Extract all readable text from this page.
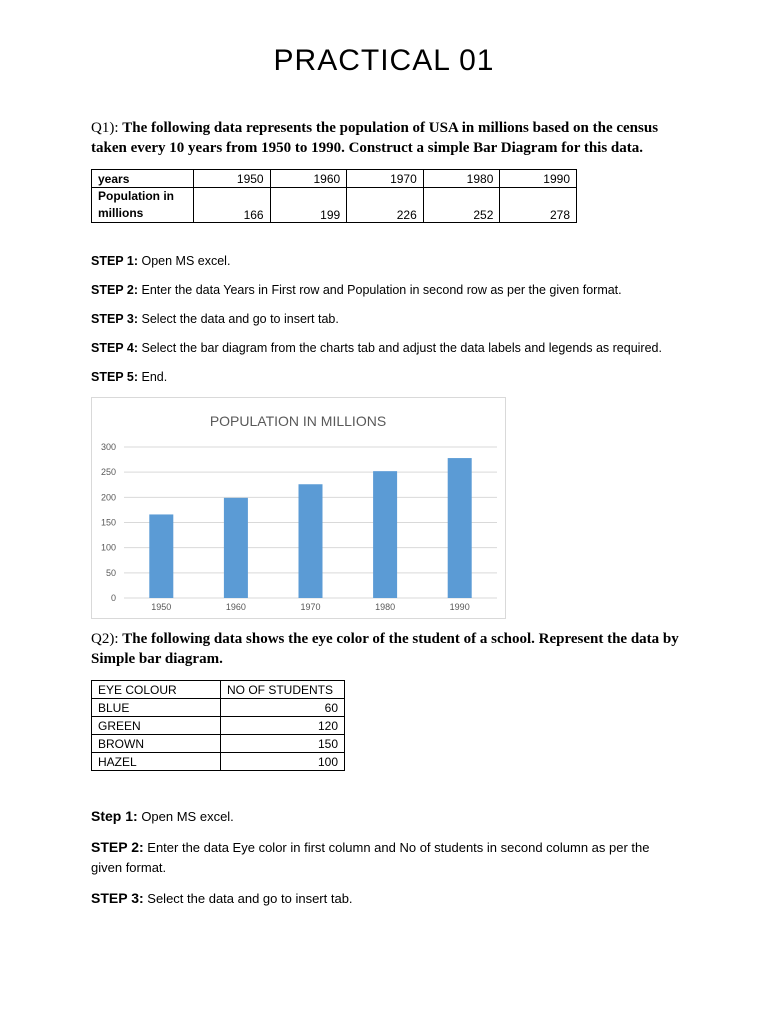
PRACTICAL 01
Q1): The following data represents the population of USA in millions based on the census taken every 10 years from 1950 to 1990. Construct a simple Bar Diagram for this data.
years	1950	1960	1970	1980	1990
Population in millions	166	199	226	252	278
STEP 1: Open MS excel.
STEP 2: Enter the data Years in First row and Population in second row as per the given format.
STEP 3: Select the data and go to insert tab.
STEP 4: Select the bar diagram from the charts tab and adjust the data labels and legends as required.
STEP 5: End.
POPULATION IN MILLIONS
0
50
100
150
200
250
300
1950	1960	1970	1980	1990
Q2): The following data shows the eye color of the student of a school. Represent the data by Simple bar diagram.
EYE COLOUR	NO OF STUDENTS
BLUE	60
GREEN	120
BROWN	150
HAZEL	100
Step 1: Open MS excel.
STEP 2: Enter the data Eye color in first column and No of students in second column as per the given format.
STEP 3: Select the data and go to insert tab.
